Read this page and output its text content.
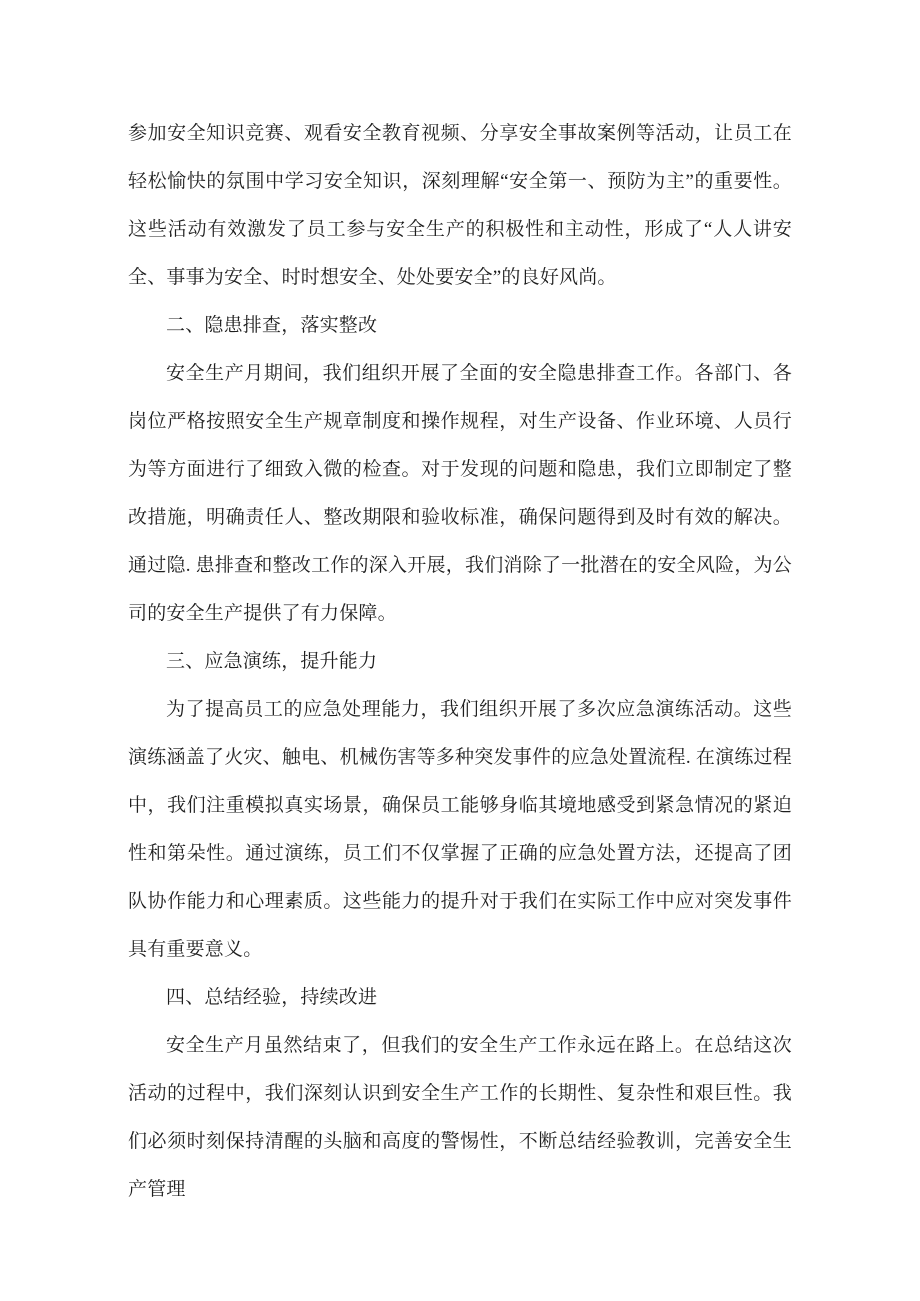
参加安全知识竞赛、观看安全教育视频、分享安全事故案例等活动，让员工在轻松愉快的氛围中学习安全知识，深刻理解“安全第一、预防为主”的重要性。这些活动有效激发了员工参与安全生产的积极性和主动性，形成了“人人讲安全、事事为安全、时时想安全、处处要安全”的良好风尚。

二、隐患排查，落实整改

安全生产月期间，我们组织开展了全面的安全隐患排查工作。各部门、各岗位严格按照安全生产规章制度和操作规程，对生产设备、作业环境、人员行为等方面进行了细致入微的检查。对于发现的问题和隐患，我们立即制定了整改措施，明确责任人、整改期限和验收标准，确保问题得到及时有效的解决。通过隐. 患排查和整改工作的深入开展，我们消除了一批潜在的安全风险，为公司的安全生产提供了有力保障。

三、应急演练，提升能力

为了提高员工的应急处理能力，我们组织开展了多次应急演练活动。这些演练涵盖了火灾、触电、机械伤害等多种突发事件的应急处置流程. 在演练过程中，我们注重模拟真实场景，确保员工能够身临其境地感受到紧急情况的紧迫性和第朵性。通过演练，员工们不仅掌握了正确的应急处置方法，还提高了团队协作能力和心理素质。这些能力的提升对于我们在实际工作中应对突发事件具有重要意义。

四、总结经验，持续改进

安全生产月虽然结束了，但我们的安全生产工作永远在路上。在总结这次活动的过程中，我们深刻认识到安全生产工作的长期性、复杂性和艰巨性。我们必须时刻保持清醒的头脑和高度的警惕性，不断总结经验教训，完善安全生产管理
